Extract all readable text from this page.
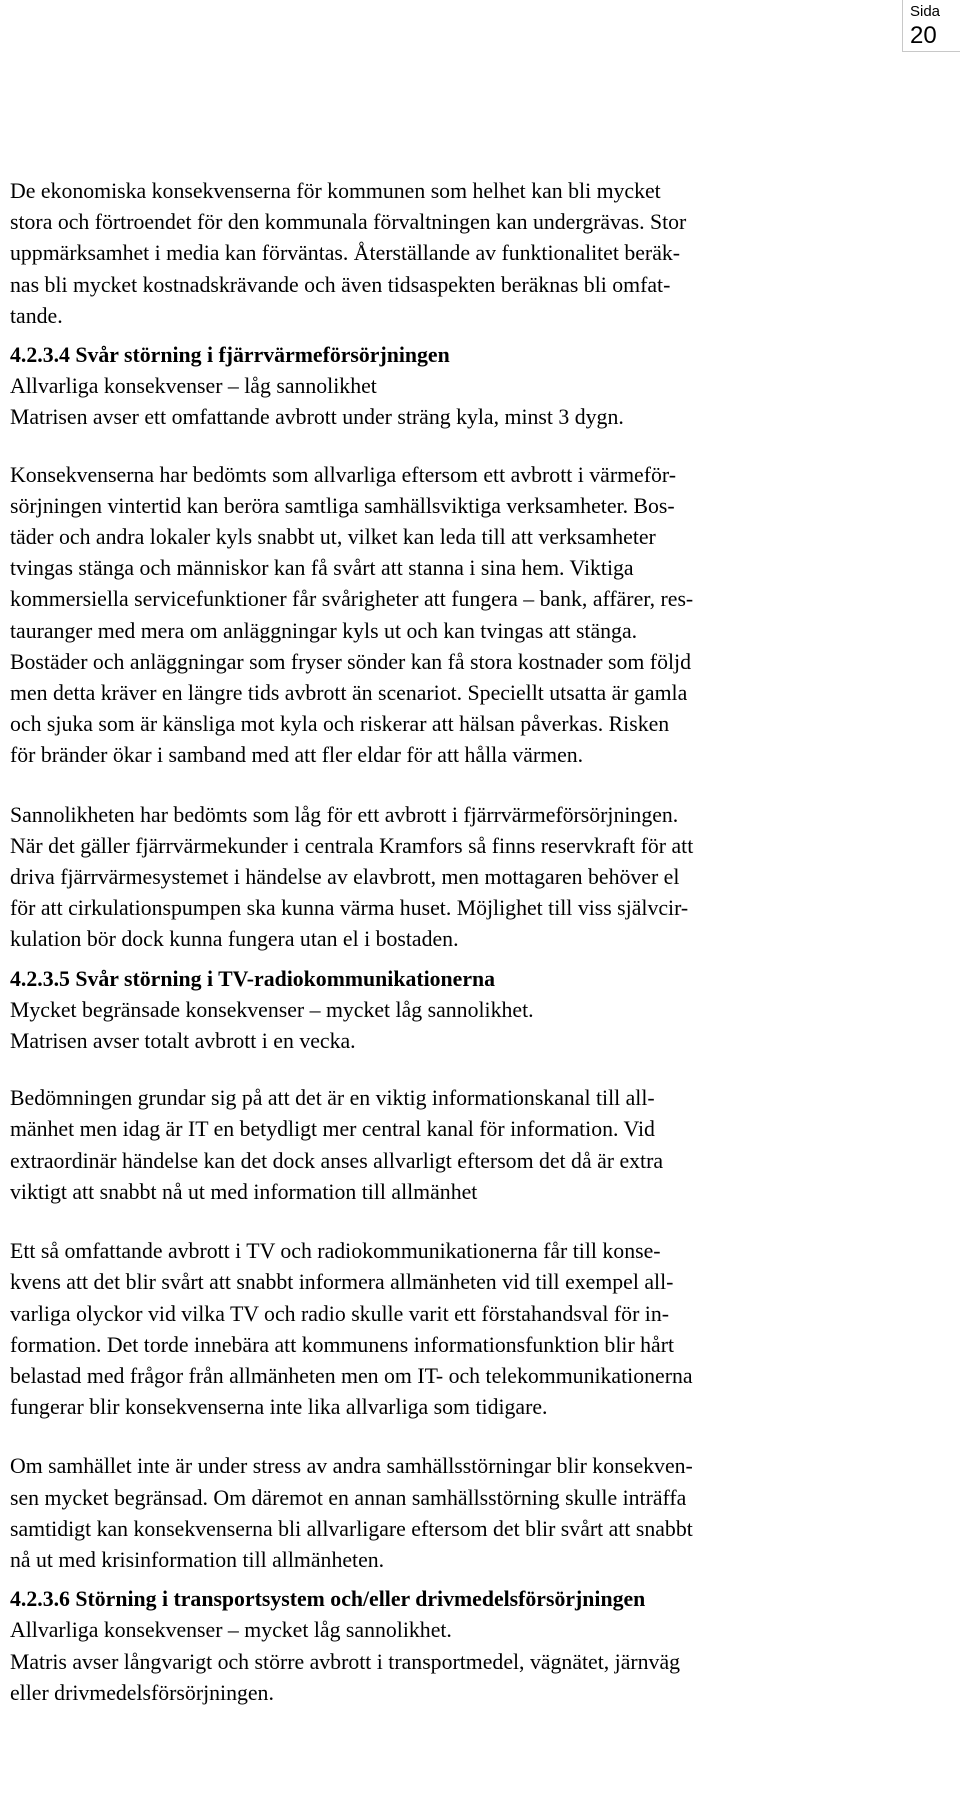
Sida
20

De ekonomiska konsekvenserna för kommunen som helhet kan bli mycket
stora och förtroendet för den kommunala förvaltningen kan undergrävas. Stor
uppmärksamhet i media kan förväntas. Återställande av funktionalitet beräk-
nas bli mycket kostnadskrävande och även tidsaspekten beräknas bli omfat-
tande.

4.2.3.4 Svår störning i fjärrvärmeförsörjningen
Allvarliga konsekvenser – låg sannolikhet
Matrisen avser ett omfattande avbrott under sträng kyla, minst 3 dygn.

Konsekvenserna har bedömts som allvarliga eftersom ett avbrott i värmeför-
sörjningen vintertid kan beröra samtliga samhällsviktiga verksamheter. Bos-
täder och andra lokaler kyls snabbt ut, vilket kan leda till att verksamheter
tvingas stänga och människor kan få svårt att stanna i sina hem. Viktiga
kommersiella servicefunktioner får svårigheter att fungera – bank, affärer, res-
tauranger med mera om anläggningar kyls ut och kan tvingas att stänga.
Bostäder och anläggningar som fryser sönder kan få stora kostnader som följd
men detta kräver en längre tids avbrott än scenariot. Speciellt utsatta är gamla
och sjuka som är känsliga mot kyla och riskerar att hälsan påverkas. Risken
för bränder ökar i samband med att fler eldar för att hålla värmen.

Sannolikheten har bedömts som låg för ett avbrott i fjärrvärmeförsörjningen.
När det gäller fjärrvärmekunder i centrala Kramfors så finns reservkraft för att
driva fjärrvärmesystemet i händelse av elavbrott, men mottagaren behöver el
för att cirkulationspumpen ska kunna värma huset. Möjlighet till viss självcir-
kulation bör dock kunna fungera utan el i bostaden.

4.2.3.5 Svår störning i TV-radiokommunikationerna
Mycket begränsade konsekvenser – mycket låg sannolikhet.
Matrisen avser totalt avbrott i en vecka.

Bedömningen grundar sig på att det är en viktig informationskanal till all-
mänhet men idag är IT en betydligt mer central kanal för information. Vid
extraordinär händelse kan det dock anses allvarligt eftersom det då är extra
viktigt att snabbt nå ut med information till allmänhet

Ett så omfattande avbrott i TV och radiokommunikationerna får till konse-
kvens att det blir svårt att snabbt informera allmänheten vid till exempel all-
varliga olyckor vid vilka TV och radio skulle varit ett förstahandsval för in-
formation. Det torde innebära att kommunens informationsfunktion blir hårt
belastad med frågor från allmänheten men om IT- och telekommunikationerna
fungerar blir konsekvenserna inte lika allvarliga som tidigare.

Om samhället inte är under stress av andra samhällsstörningar blir konsekven-
sen mycket begränsad. Om däremot en annan samhällsstörning skulle inträffa
samtidigt kan konsekvenserna bli allvarligare eftersom det blir svårt att snabbt
nå ut med krisinformation till allmänheten.

4.2.3.6 Störning i transportsystem och/eller drivmedelsförsörjningen
Allvarliga konsekvenser – mycket låg sannolikhet.
Matris avser långvarigt och större avbrott i transportmedel, vägnätet, järnväg
eller drivmedelsförsörjningen.
